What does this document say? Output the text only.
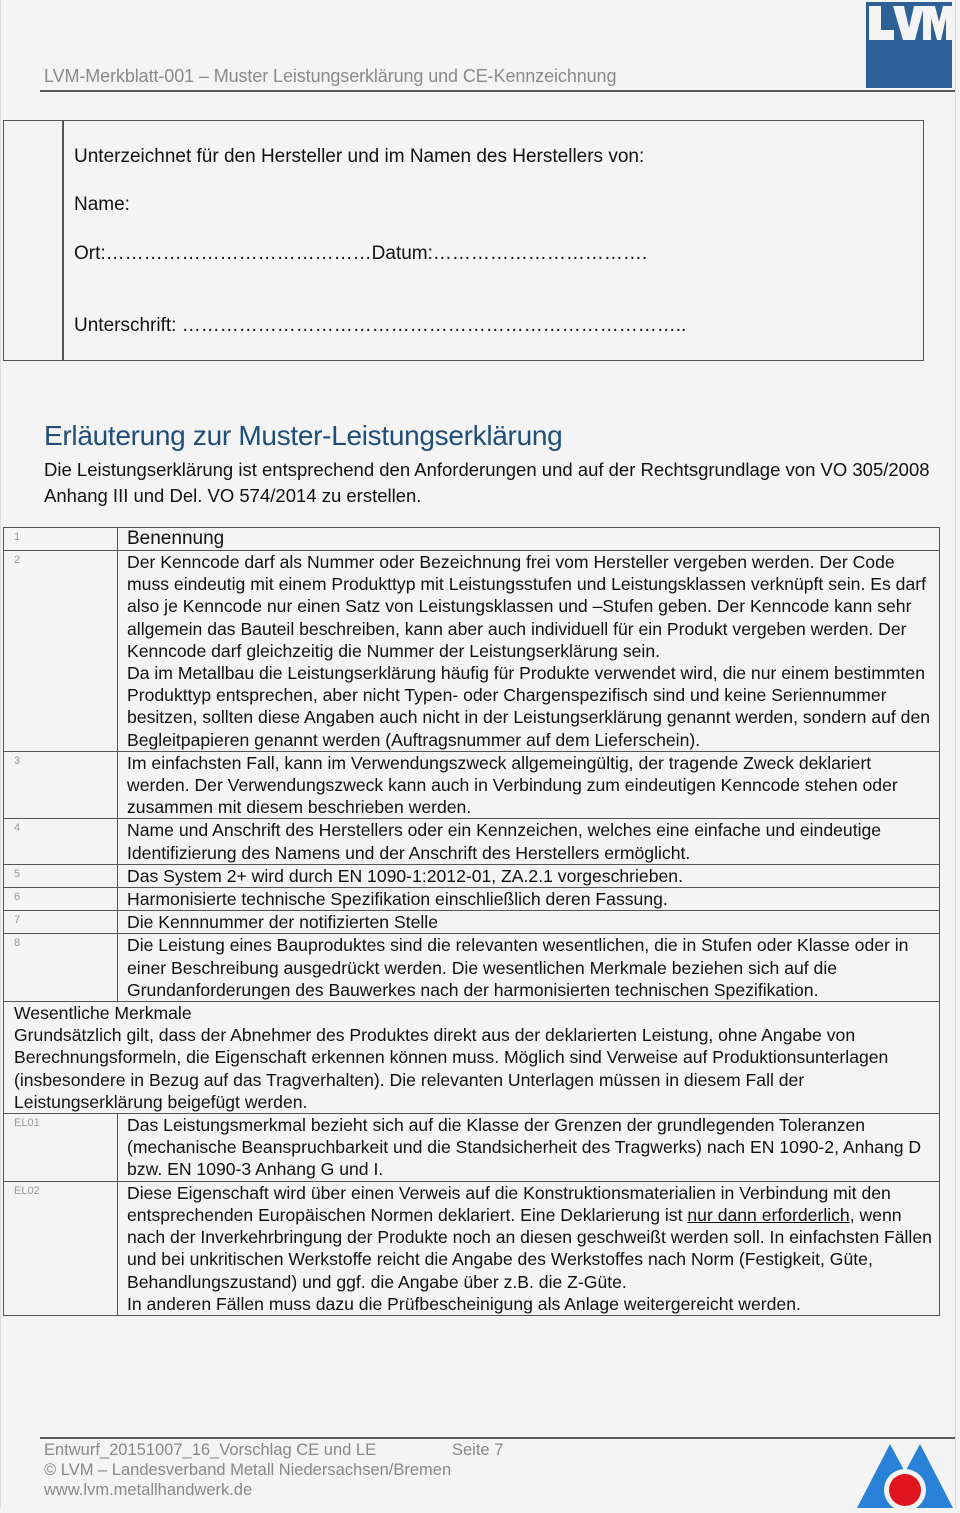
LVM-Merkblatt-001 – Muster Leistungserklärung und CE-Kennzeichnung
Unterzeichnet für den Hersteller und im Namen des Herstellers von:
Name:
Ort:……………………………………Datum:…………………………….
Unterschrift: ……………………………………………………………………..
Erläuterung zur Muster-Leistungserklärung
Die Leistungserklärung ist entsprechend den Anforderungen und auf der Rechtsgrundlage von VO 305/2008 Anhang III und Del. VO 574/2014 zu erstellen.
1	Benennung
2	Der Kenncode darf als Nummer oder Bezeichnung frei vom Hersteller vergeben werden. Der Code muss eindeutig mit einem Produkttyp mit Leistungsstufen und Leistungsklassen verknüpft sein. Es darf also je Kenncode nur einen Satz von Leistungsklassen und –Stufen geben. Der Kenncode kann sehr allgemein das Bauteil beschreiben, kann aber auch individuell für ein Produkt vergeben werden. Der Kenncode darf gleichzeitig die Nummer der Leistungserklärung sein.
Da im Metallbau die Leistungserklärung häufig für Produkte verwendet wird, die nur einem bestimmten Produkttyp entsprechen, aber nicht Typen- oder Chargenspezifisch sind und keine Seriennummer besitzen, sollten diese Angaben auch nicht in der Leistungserklärung genannt werden, sondern auf den Begleitpapieren genannt werden (Auftragsnummer auf dem Lieferschein).

3	Im einfachsten Fall, kann im Verwendungszweck allgemeingültig, der tragende Zweck deklariert werden. Der Verwendungszweck kann auch in Verbindung zum eindeutigen Kenncode stehen oder zusammen mit diesem beschrieben werden.
4	Name und Anschrift des Herstellers oder ein Kennzeichen, welches eine einfache und eindeutige Identifizierung des Namens und der Anschrift des Herstellers ermöglicht.
5	Das System 2+ wird durch EN 1090-1:2012-01, ZA.2.1 vorgeschrieben.
6	Harmonisierte technische Spezifikation einschließlich deren Fassung.
7	Die Kennnummer der notifizierten Stelle
8	Die Leistung eines Bauproduktes sind die relevanten wesentlichen, die in Stufen oder Klasse oder in einer Beschreibung ausgedrückt werden. Die wesentlichen Merkmale beziehen sich auf die Grundanforderungen des Bauwerkes nach der harmonisierten technischen Spezifikation.

Wesentliche Merkmale
Grundsätzlich gilt, dass der Abnehmer des Produktes direkt aus der deklarierten Leistung, ohne Angabe von Berechnungsformeln, die Eigenschaft erkennen können muss. Möglich sind Verweise auf Produktionsunterlagen (insbesondere in Bezug auf das Tragverhalten). Die relevanten Unterlagen müssen in diesem Fall der Leistungserklärung beigefügt werden.	

EL01	Das Leistungsmerkmal bezieht sich auf die Klasse der Grenzen der grundlegenden Toleranzen (mechanische Beanspruchbarkeit und die Standsicherheit des Tragwerks) nach EN 1090-2, Anhang D bzw. EN 1090-3 Anhang G und I.
EL02	Diese Eigenschaft wird über einen Verweis auf die Konstruktionsmaterialien in Verbindung mit den entsprechenden Europäischen Normen deklariert. Eine Deklarierung ist nur dann erforderlich, wenn nach der Inverkehrbringung der Produkte noch an diesen geschweißt werden soll. In einfachsten Fällen und bei unkritischen Werkstoffe reicht die Angabe des Werkstoffes nach Norm (Festigkeit, Güte, Behandlungszustand) und ggf. die Angabe über z.B. die Z-Güte.
In anderen Fällen muss dazu die Prüfbescheinigung als Anlage weitergereicht werden.
Entwurf_20151007_16_Vorschlag CE und LE	Seite 7
© LVM – Landesverband Metall Niedersachsen/Bremen
www.lvm.metallhandwerk.de
